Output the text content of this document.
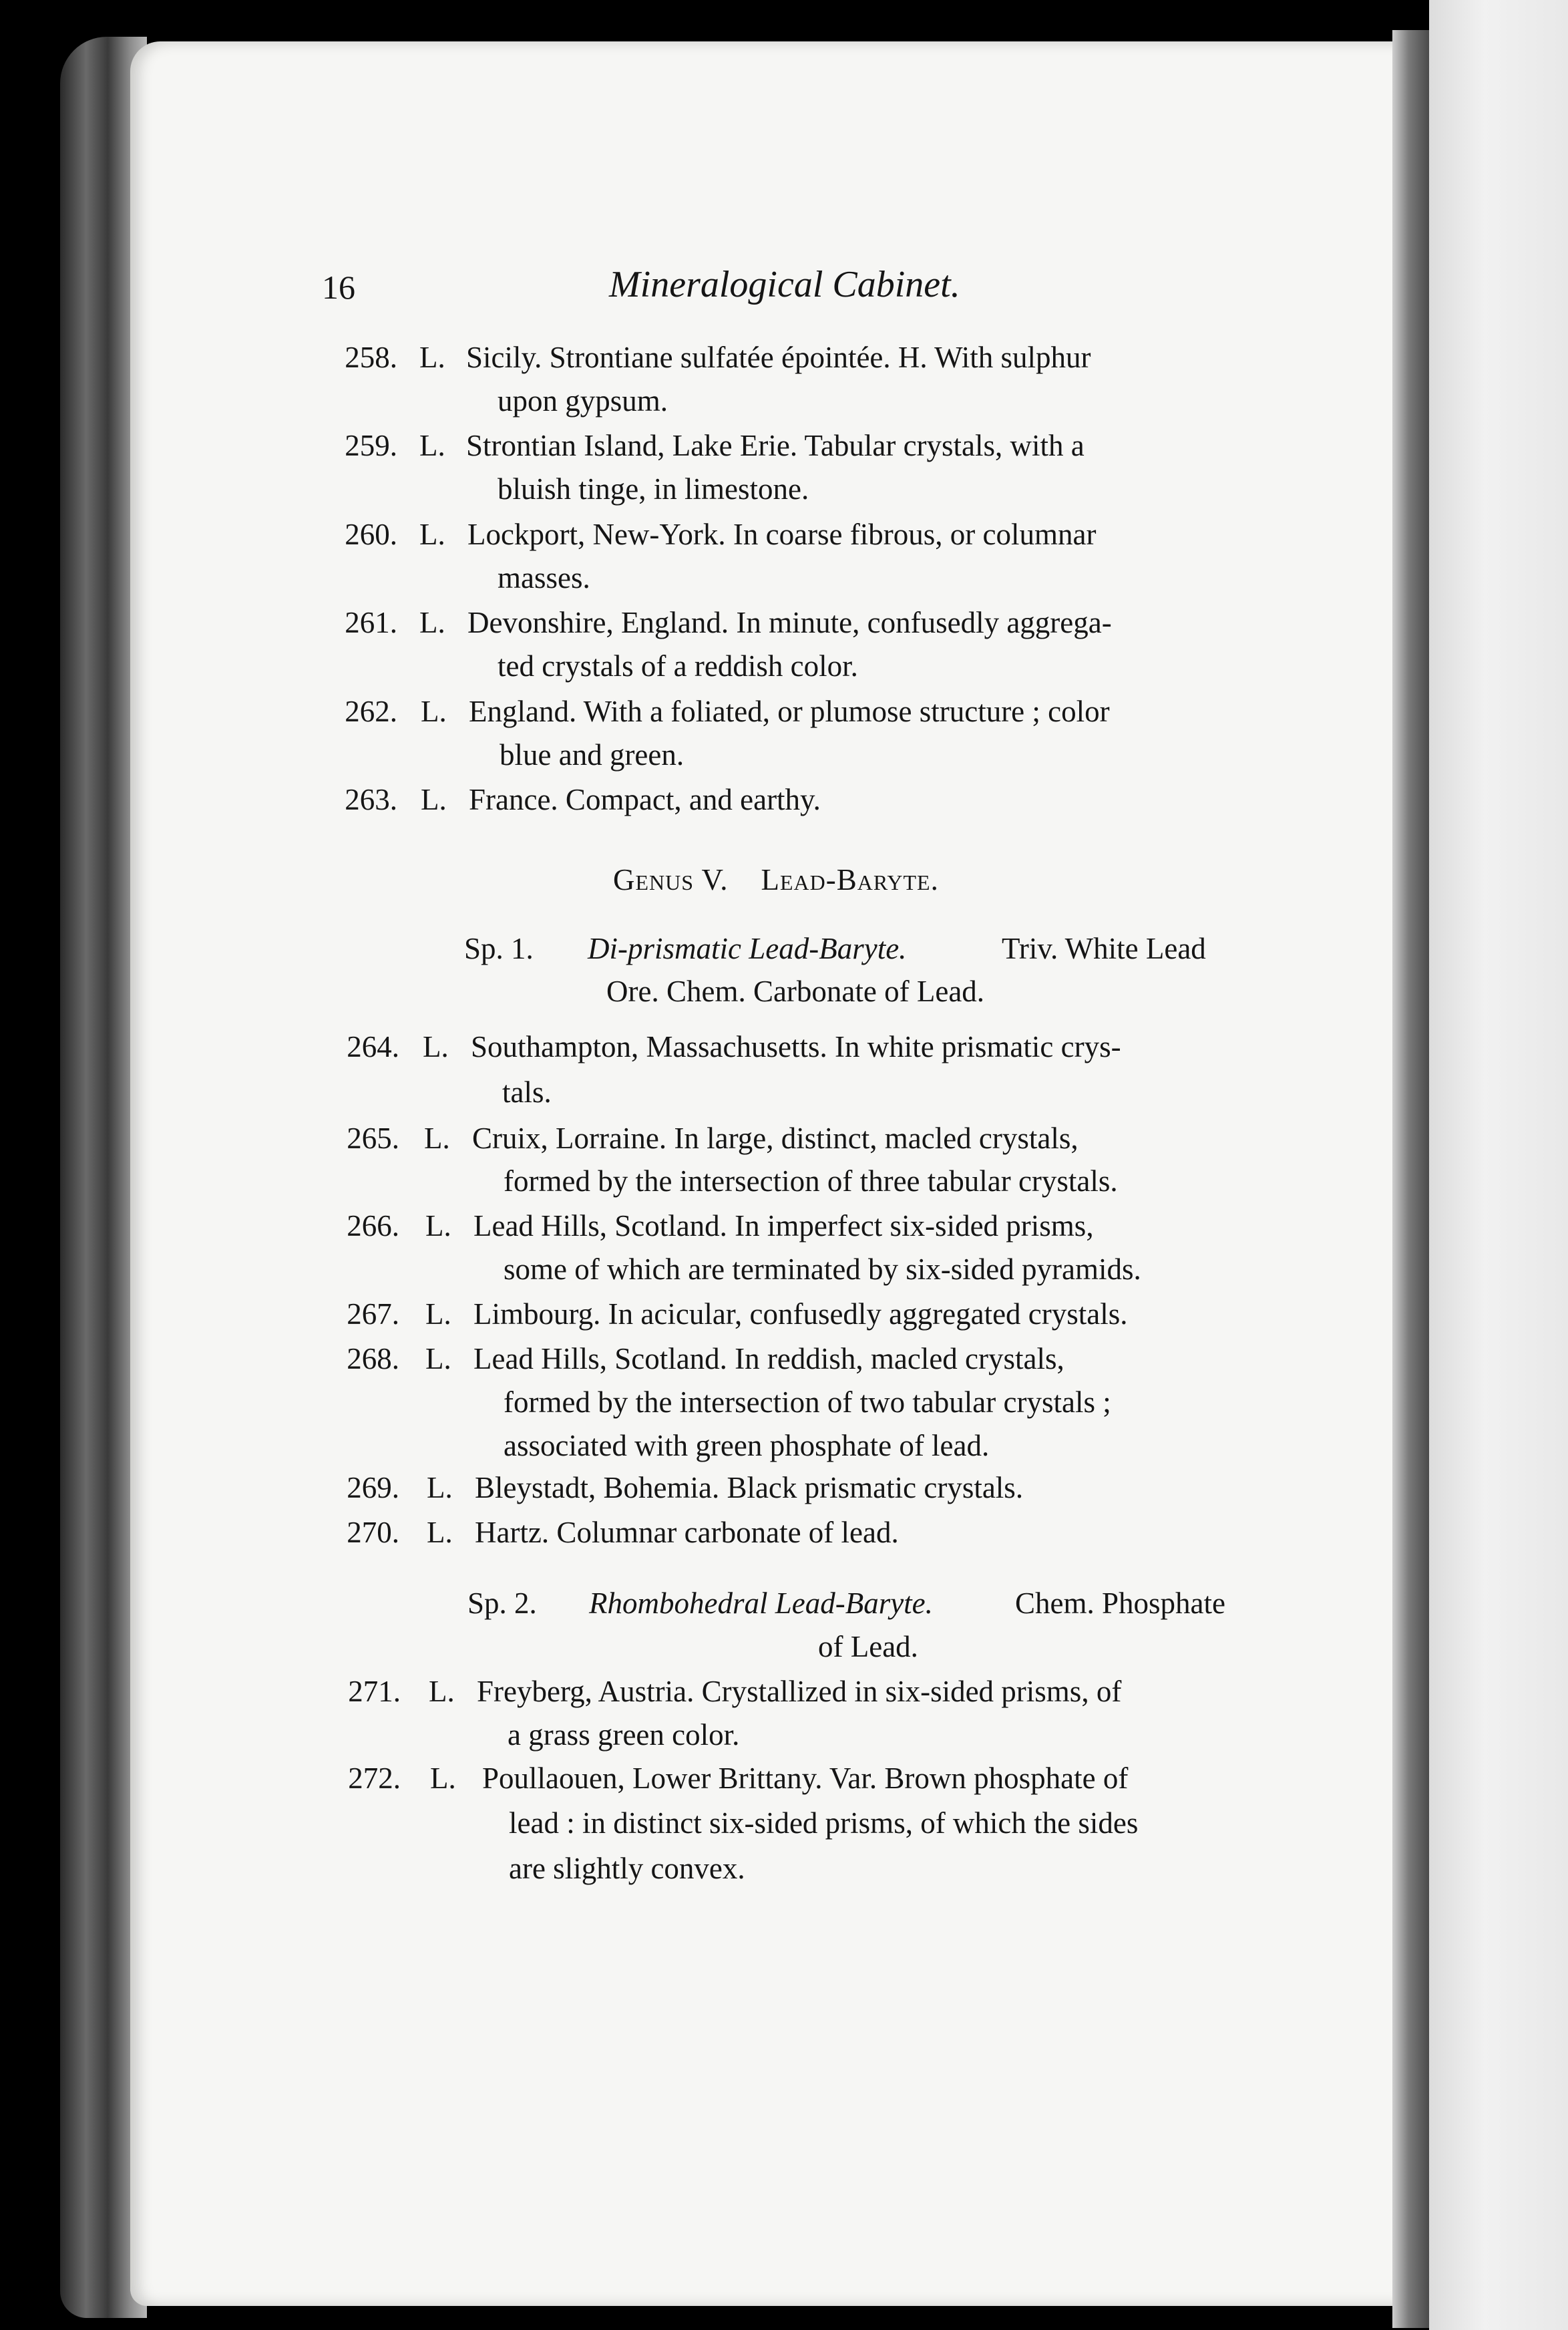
16	Mineralogical Cabinet.
258. L. Sicily. Strontiane sulfatée épointée. H. With sulphur
upon gypsum.
259. L. Strontian Island, Lake Erie. Tabular crystals, with a
bluish tinge, in limestone.
260. L. Lockport, New-York. In coarse fibrous, or columnar
masses.
261. L. Devonshire, England. In minute, confusedly aggrega-
ted crystals of a reddish color.
262. L. England. With a foliated, or plumose structure ; color
blue and green.
263. L. France. Compact, and earthy.
Genus V. Lead-Baryte.
Sp. 1. Di-prismatic Lead-Baryte.	Triv. White Lead
Ore. Chem. Carbonate of Lead.
264. L. Southampton, Massachusetts. In white prismatic crys-
tals.
265. L. Cruix, Lorraine. In large, distinct, macled crystals,
formed by the intersection of three tabular crystals.
266. L. Lead Hills, Scotland. In imperfect six-sided prisms,
some of which are terminated by six-sided pyramids.
267. L. Limbourg. In acicular, confusedly aggregated crystals.
268. L. Lead Hills, Scotland. In reddish, macled crystals,
formed by the intersection of two tabular crystals ;
associated with green phosphate of lead.
269. L. Bleystadt, Bohemia. Black prismatic crystals.
270. L. Hartz. Columnar carbonate of lead.
Sp. 2. Rhombohedral Lead-Baryte.	Chem. Phosphate
of Lead.
271. L. Freyberg, Austria. Crystallized in six-sided prisms, of
a grass green color.
272. L. Poullaouen, Lower Brittany. Var. Brown phosphate of
lead : in distinct six-sided prisms, of which the sides
are slightly convex.
